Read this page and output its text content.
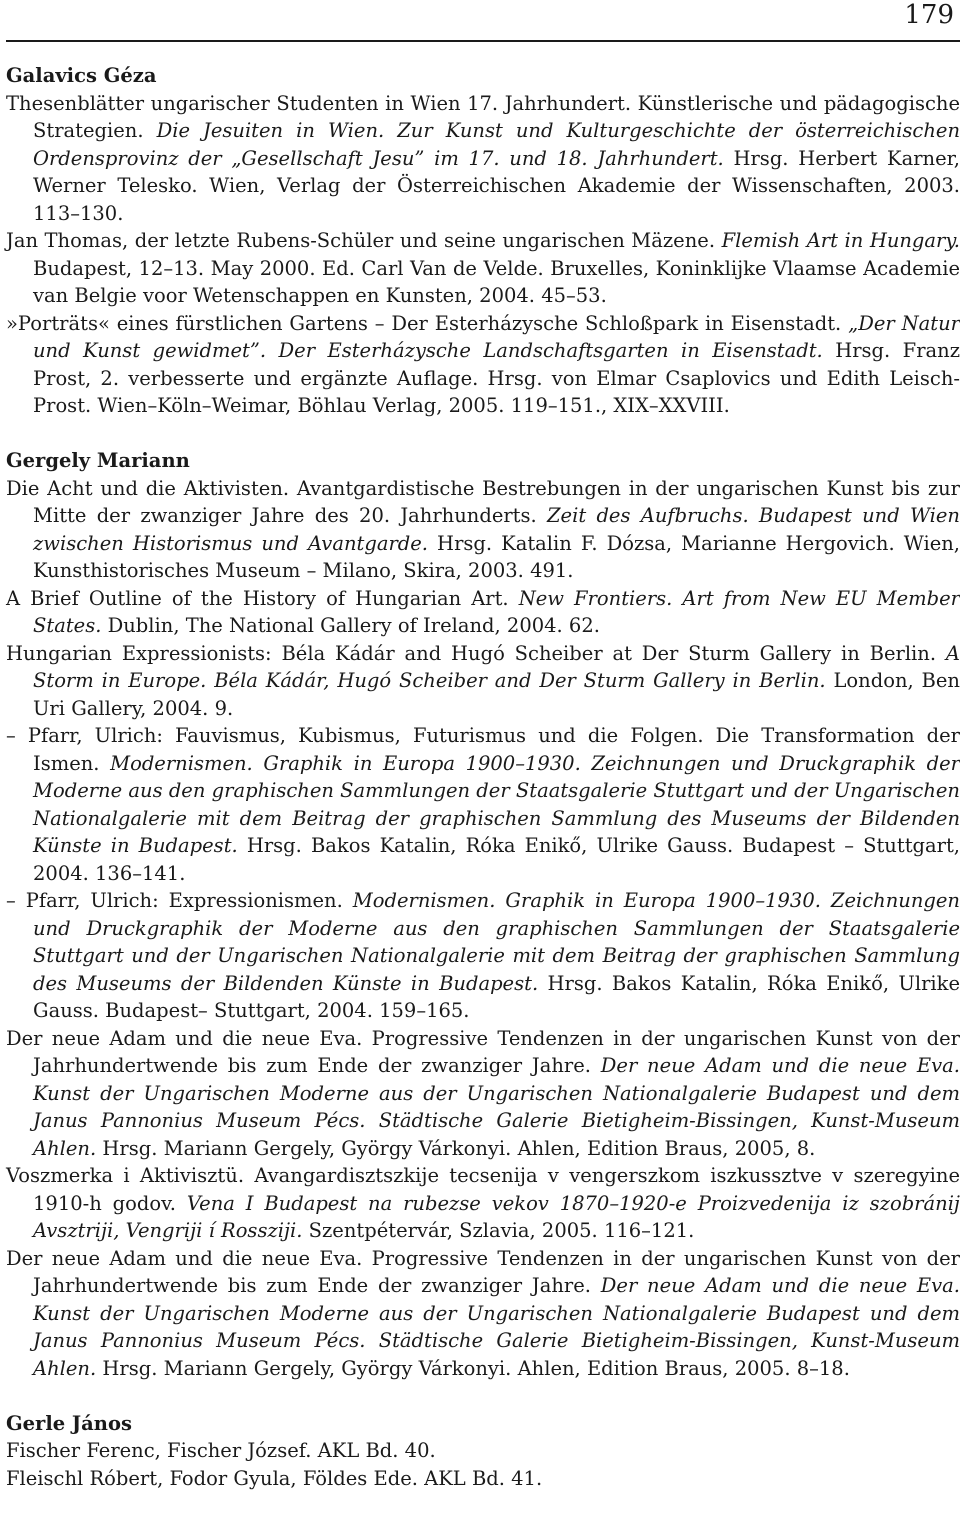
179

Galavics Géza

Thesenblätter ungarischer Studenten in Wien 17. Jahrhundert. Künstlerische und pädagogische Strategien. Die Jesuiten in Wien. Zur Kunst und Kulturgeschichte der österreichischen Ordensprovinz der „Gesellschaft Jesu” im 17. und 18. Jahrhundert. Hrsg. Herbert Karner, Werner Telesko. Wien, Verlag der Österreichischen Akademie der Wissenschaften, 2003. 113–130.

Jan Thomas, der letzte Rubens-Schüler und seine ungarischen Mäzene. Flemish Art in Hungary. Budapest, 12–13. May 2000. Ed. Carl Van de Velde. Bruxelles, Koninklijke Vlaamse Academie van Belgie voor Wetenschappen en Kunsten, 2004. 45–53.

»Porträts« eines fürstlichen Gartens – Der Esterházysche Schloßpark in Eisenstadt. „Der Natur und Kunst gewidmet”. Der Esterházysche Landschaftsgarten in Eisenstadt. Hrsg. Franz Prost, 2. verbesserte und ergänzte Auflage. Hrsg. von Elmar Csaplovics und Edith Leisch-Prost. Wien–Köln–Weimar, Böhlau Verlag, 2005. 119–151., XIX–XXVIII.

Gergely Mariann

Die Acht und die Aktivisten. Avantgardistische Bestrebungen in der ungarischen Kunst bis zur Mitte der zwanziger Jahre des 20. Jahrhunderts. Zeit des Aufbruchs. Budapest und Wien zwischen Historismus und Avantgarde. Hrsg. Katalin F. Dózsa, Marianne Hergovich. Wien, Kunsthistorisches Museum – Milano, Skira, 2003. 491.

A Brief Outline of the History of Hungarian Art. New Frontiers. Art from New EU Member States. Dublin, The National Gallery of Ireland, 2004. 62.

Hungarian Expressionists: Béla Kádár and Hugó Scheiber at Der Sturm Gallery in Berlin. A Storm in Europe. Béla Kádár, Hugó Scheiber and Der Sturm Gallery in Berlin. London, Ben Uri Gallery, 2004. 9.

– Pfarr, Ulrich: Fauvismus, Kubismus, Futurismus und die Folgen. Die Transformation der Ismen. Modernismen. Graphik in Europa 1900–1930. Zeichnungen und Druckgraphik der Moderne aus den graphischen Sammlungen der Staatsgalerie Stuttgart und der Ungarischen Nationalgalerie mit dem Beitrag der graphischen Sammlung des Museums der Bildenden Künste in Budapest. Hrsg. Bakos Katalin, Róka Enikő, Ulrike Gauss. Budapest – Stuttgart, 2004. 136–141.

– Pfarr, Ulrich: Expressionismen. Modernismen. Graphik in Europa 1900–1930. Zeichnungen und Druckgraphik der Moderne aus den graphischen Sammlungen der Staatsgalerie Stuttgart und der Ungarischen Nationalgalerie mit dem Beitrag der graphischen Sammlung des Museums der Bildenden Künste in Budapest. Hrsg. Bakos Katalin, Róka Enikő, Ulrike Gauss. Budapest– Stuttgart, 2004. 159–165.

Der neue Adam und die neue Eva. Progressive Tendenzen in der ungarischen Kunst von der Jahrhundertwende bis zum Ende der zwanziger Jahre. Der neue Adam und die neue Eva. Kunst der Ungarischen Moderne aus der Ungarischen Nationalgalerie Budapest und dem Janus Pannonius Museum Pécs. Städtische Galerie Bietigheim-Bissingen, Kunst-Museum Ahlen. Hrsg. Mariann Gergely, György Várkonyi. Ahlen, Edition Braus, 2005, 8.

Voszmerka i Aktivisztü. Avangardisztszkije tecsenija v vengerszkom iszkussztve v szeregyine 1910-h godov. Vena I Budapest na rubezse vekov 1870–1920-e Proizvedenija iz szobránij Avsztriji, Vengriji í Rossziji. Szentpétervár, Szlavia, 2005. 116–121.

Der neue Adam und die neue Eva. Progressive Tendenzen in der ungarischen Kunst von der Jahrhundertwende bis zum Ende der zwanziger Jahre. Der neue Adam und die neue Eva. Kunst der Ungarischen Moderne aus der Ungarischen Nationalgalerie Budapest und dem Janus Pannonius Museum Pécs. Städtische Galerie Bietigheim-Bissingen, Kunst-Museum Ahlen. Hrsg. Mariann Gergely, György Várkonyi. Ahlen, Edition Braus, 2005. 8–18.

Gerle János

Fischer Ferenc, Fischer József. AKL Bd. 40.

Fleischl Róbert, Fodor Gyula, Földes Ede. AKL Bd. 41.
